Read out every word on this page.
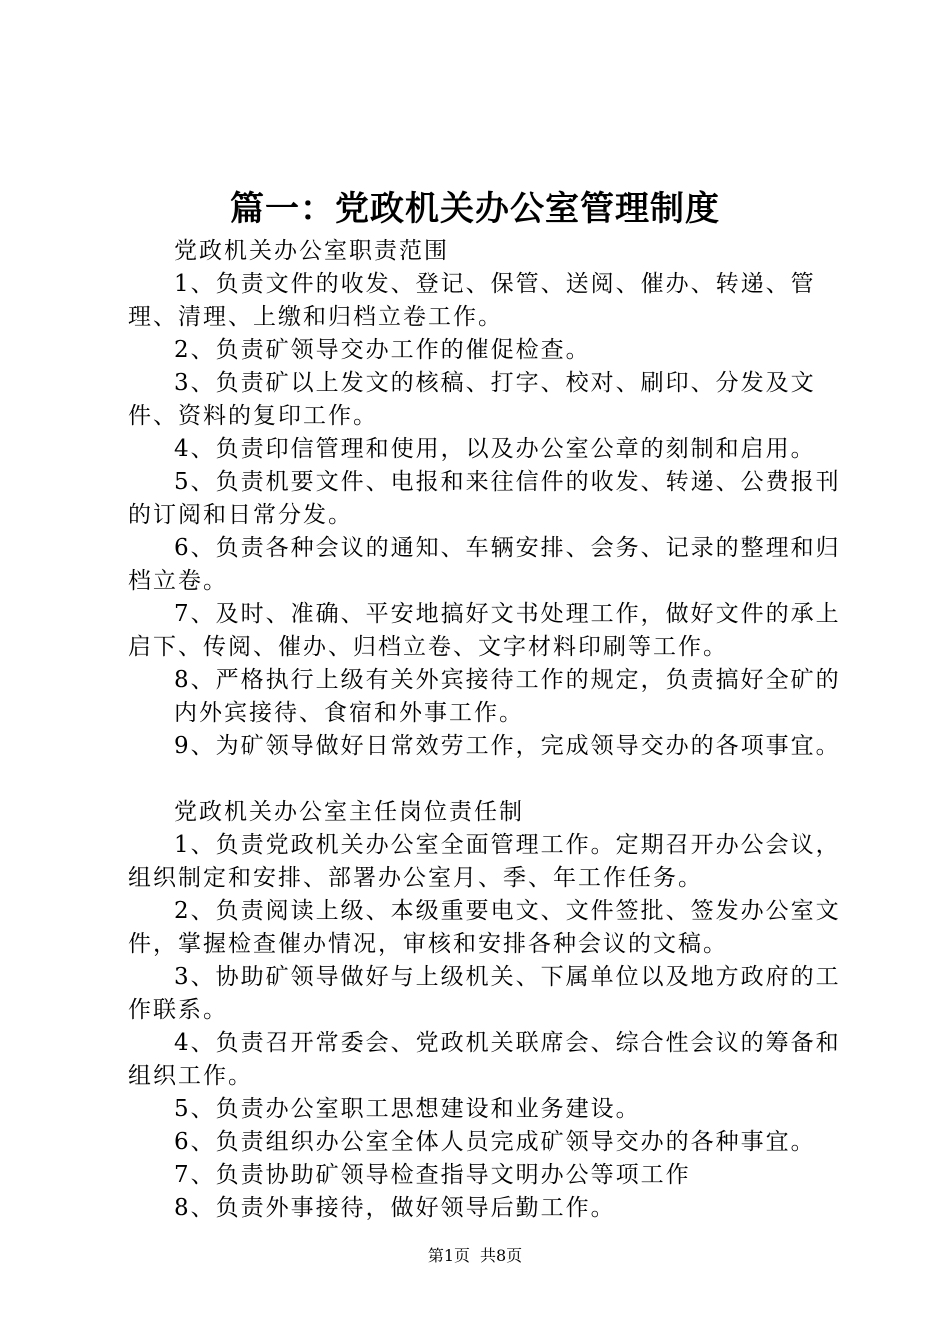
篇一：党政机关办公室管理制度

党政机关办公室职责范围

1、负责文件的收发、登记、保管、送阅、催办、转递、管理、清理、上缴和归档立卷工作。

2、负责矿领导交办工作的催促检查。

3、负责矿以上发文的核稿、打字、校对、刷印、分发及文件、资料的复印工作。

4、负责印信管理和使用，以及办公室公章的刻制和启用。

5、负责机要文件、电报和来往信件的收发、转递、公费报刊的订阅和日常分发。

6、负责各种会议的通知、车辆安排、会务、记录的整理和归档立卷。

7、及时、准确、平安地搞好文书处理工作，做好文件的承上启下、传阅、催办、归档立卷、文字材料印刷等工作。

8、严格执行上级有关外宾接待工作的规定，负责搞好全矿的

内外宾接待、食宿和外事工作。

9、为矿领导做好日常效劳工作，完成领导交办的各项事宜。

党政机关办公室主任岗位责任制

1、负责党政机关办公室全面管理工作。定期召开办公会议，组织制定和安排、部署办公室月、季、年工作任务。

2、负责阅读上级、本级重要电文、文件签批、签发办公室文件，掌握检查催办情况，审核和安排各种会议的文稿。

3、协助矿领导做好与上级机关、下属单位以及地方政府的工作联系。

4、负责召开常委会、党政机关联席会、综合性会议的筹备和组织工作。

5、负责办公室职工思想建设和业务建设。

6、负责组织办公室全体人员完成矿领导交办的各种事宜。

7、负责协助矿领导检查指导文明办公等项工作

8、负责外事接待，做好领导后勤工作。

第1页 共8页
